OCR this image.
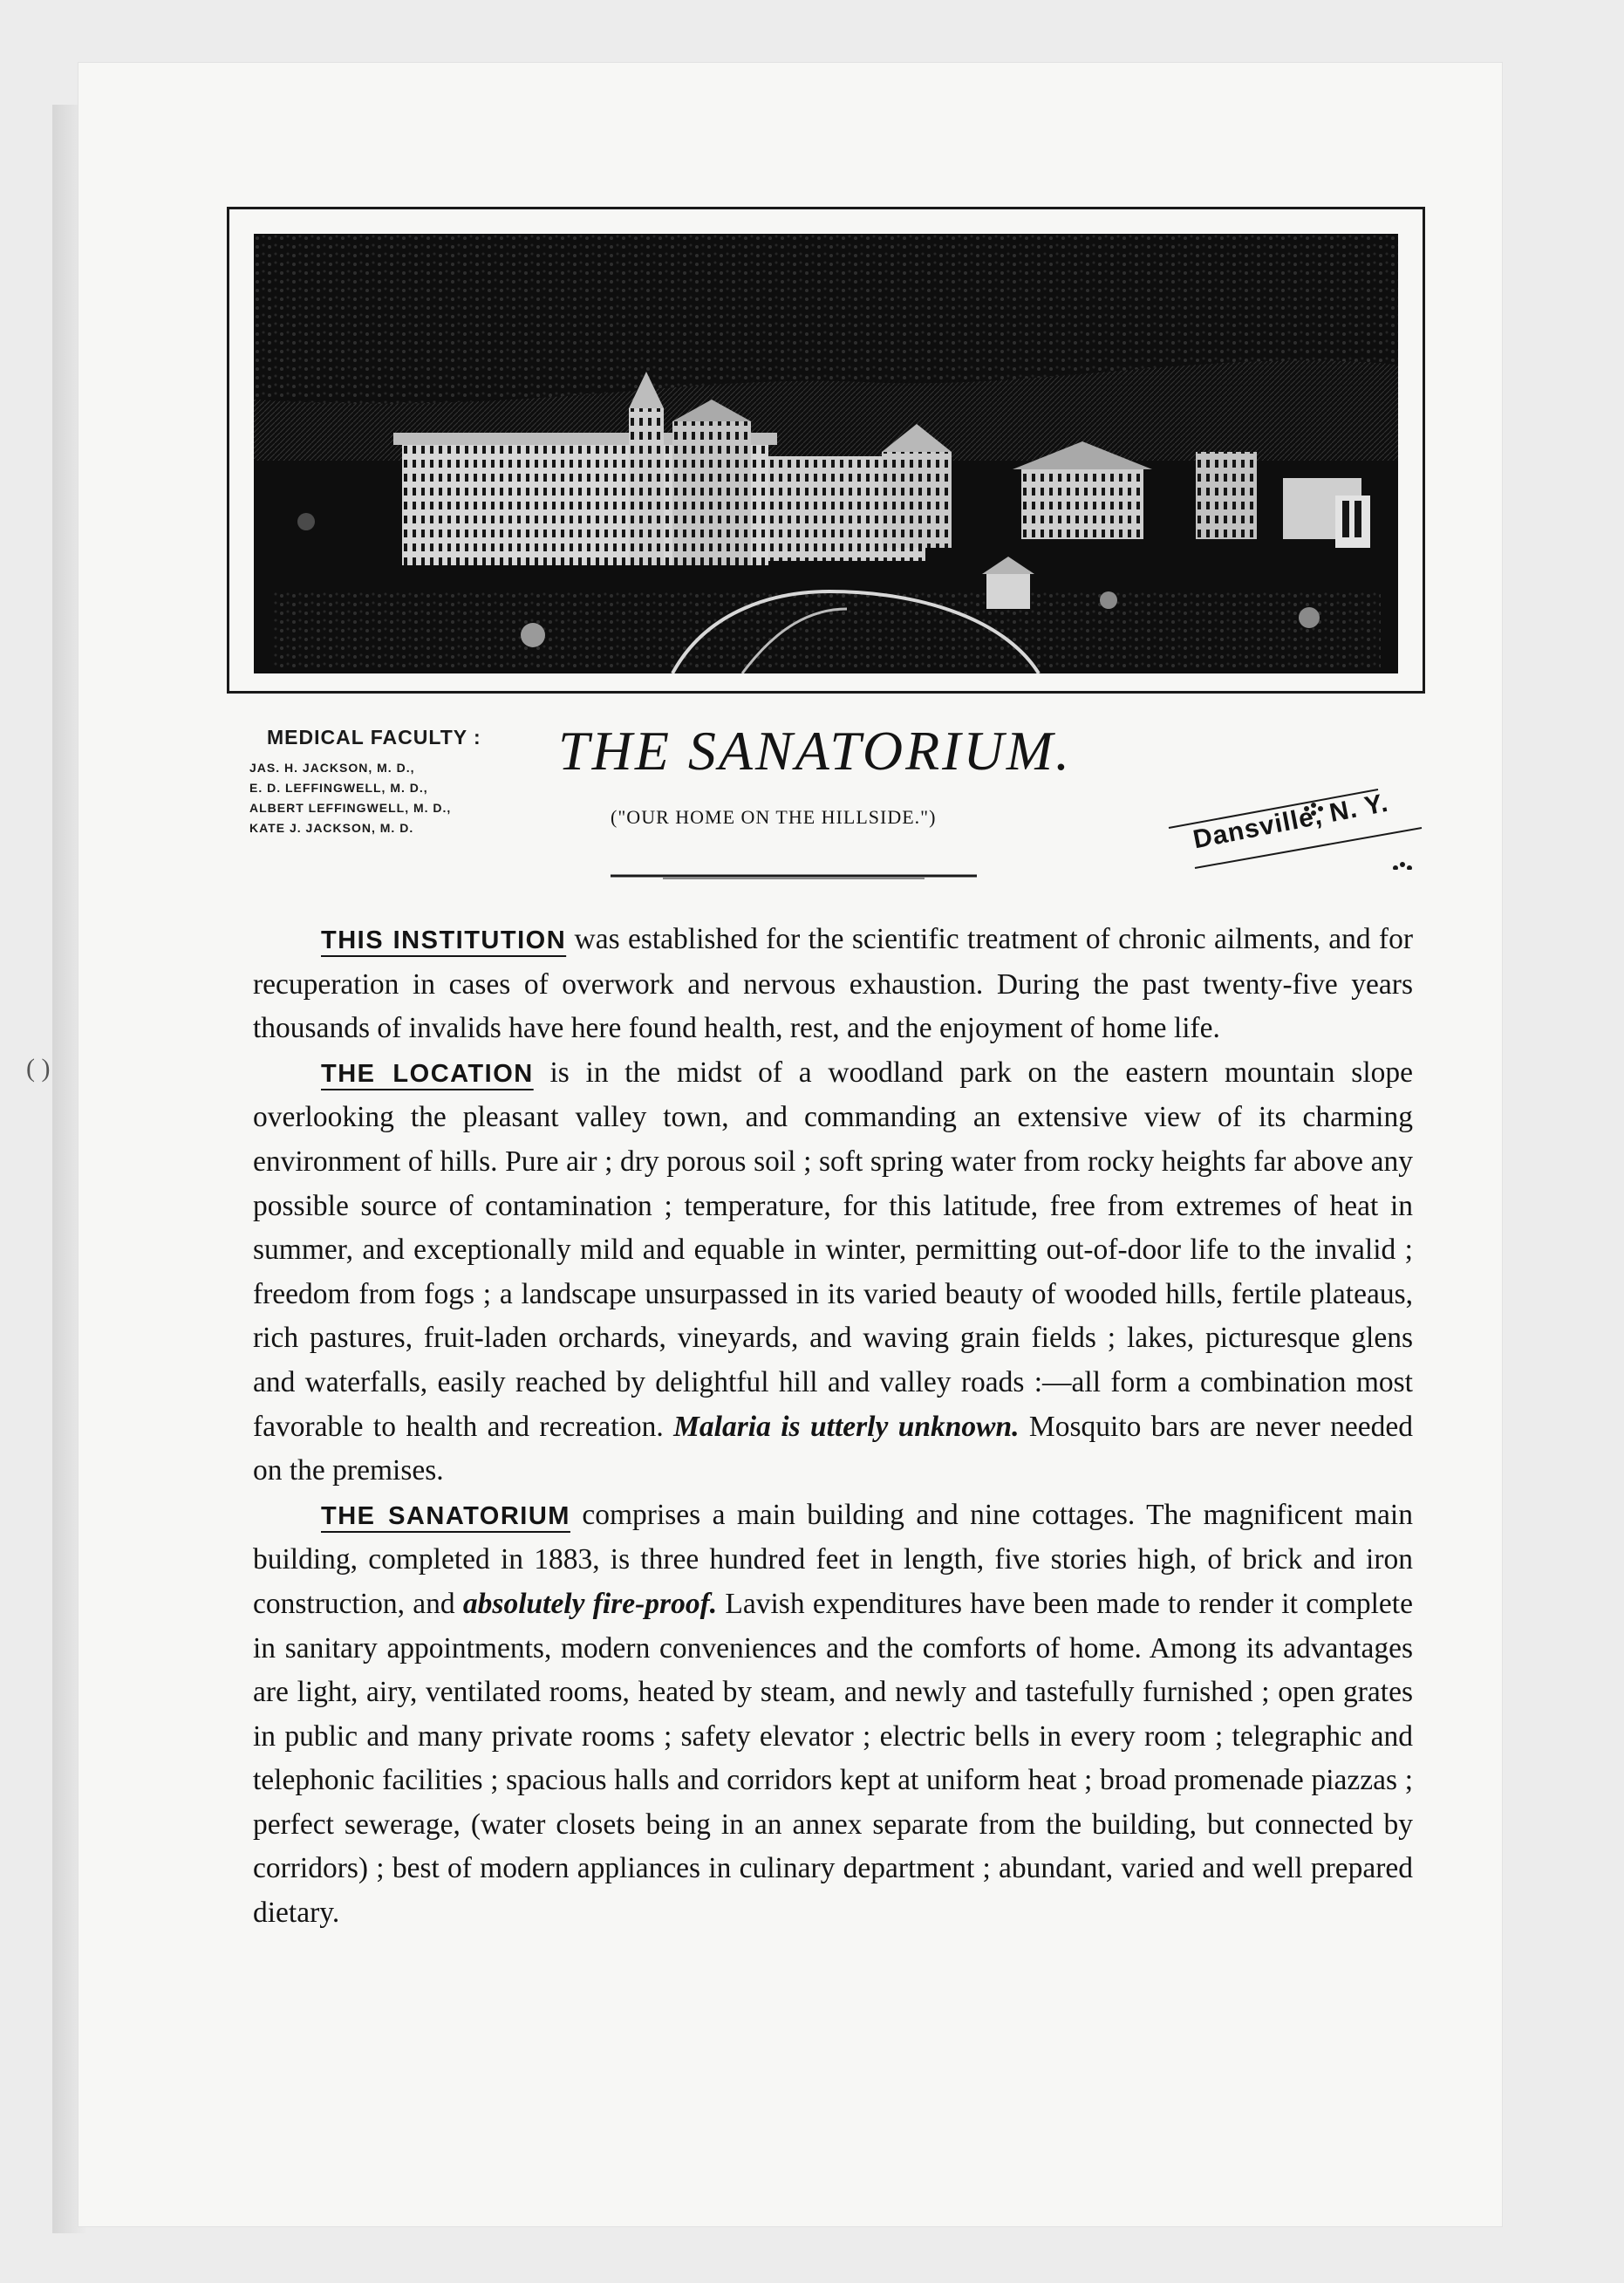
( )
MEDICAL FACULTY :
JAS. H. JACKSON, M. D.,
E. D. LEFFINGWELL, M. D.,
ALBERT LEFFINGWELL, M. D.,
KATE J. JACKSON, M. D.
THE SANATORIUM.
("OUR HOME ON THE HILLSIDE.")	Dansville, N. Y.

THIS INSTITUTION was established for the scientific treatment of chronic ailments, and for recuperation in cases of overwork and nervous exhaustion. During the past twenty-five years thousands of invalids have here found health, rest, and the enjoyment of home life.

THE LOCATION is in the midst of a woodland park on the eastern mountain slope overlooking the pleasant valley town, and commanding an extensive view of its charming environment of hills. Pure air ; dry porous soil ; soft spring water from rocky heights far above any possible source of contamination ; temperature, for this latitude, free from extremes of heat in summer, and exceptionally mild and equable in winter, permitting out-of-door life to the invalid ; freedom from fogs ; a landscape unsurpassed in its varied beauty of wooded hills, fertile plateaus, rich pastures, fruit-laden orchards, vineyards, and waving grain fields ; lakes, picturesque glens and waterfalls, easily reached by delightful hill and valley roads :—all form a combination most favorable to health and recreation. Malaria is utterly unknown. Mosquito bars are never needed on the premises.

THE SANATORIUM comprises a main building and nine cottages. The magnificent main building, completed in 1883, is three hundred feet in length, five stories high, of brick and iron construction, and absolutely fire-proof. Lavish expenditures have been made to render it complete in sanitary appointments, modern conveniences and the comforts of home. Among its advantages are light, airy, ventilated rooms, heated by steam, and newly and tastefully furnished ; open grates in public and many private rooms ; safety elevator ; electric bells in every room ; telegraphic and telephonic facilities ; spacious halls and corridors kept at uniform heat ; broad promenade piazzas ; perfect sewerage, (water closets being in an annex separate from the building, but connected by corridors) ; best of modern appliances in culinary department ; abundant, varied and well prepared dietary.
